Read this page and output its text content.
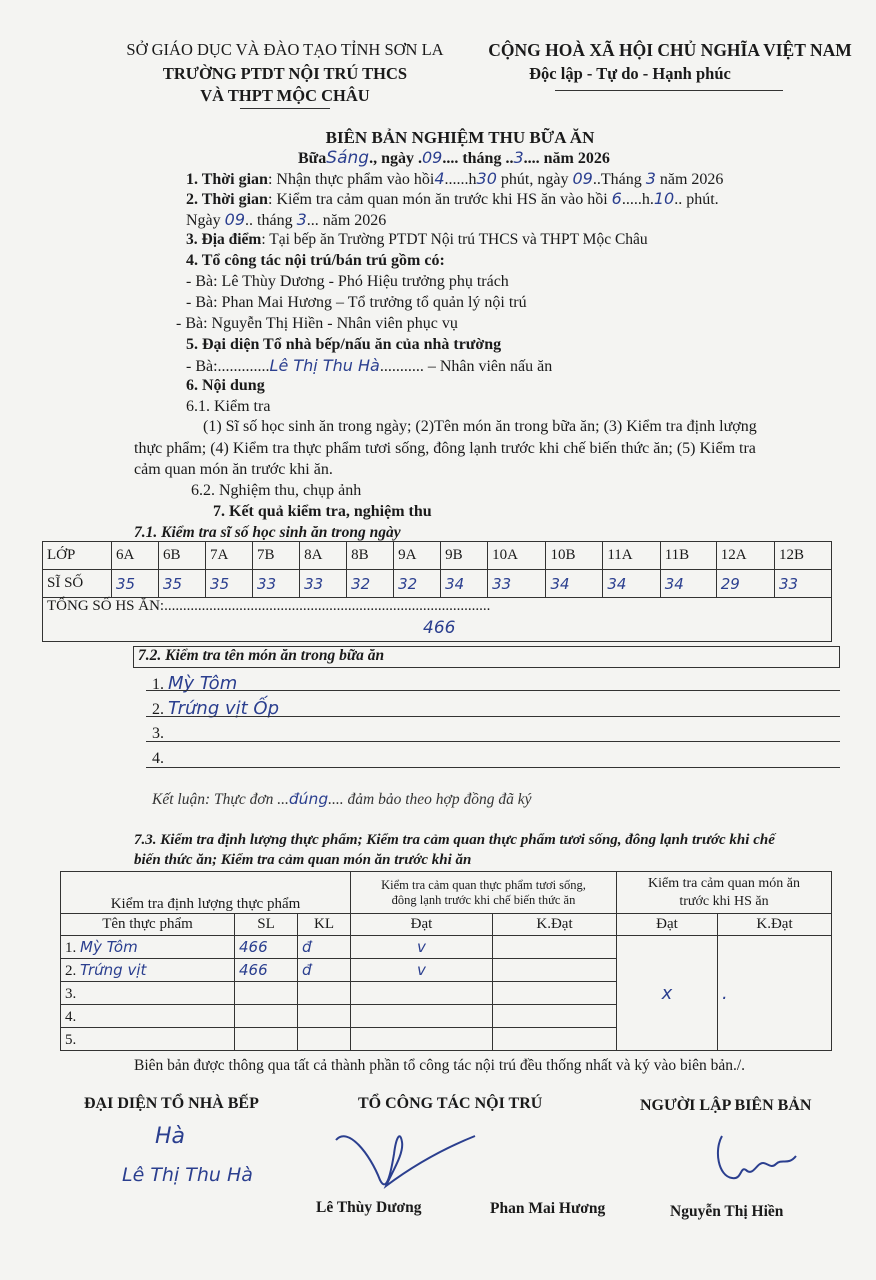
SỞ GIÁO DỤC VÀ ĐÀO TẠO TỈNH SƠN LA
TRƯỜNG PTDT NỘI TRÚ THCS
VÀ THPT MỘC CHÂU
CỘNG HOÀ XÃ HỘI CHỦ NGHĨA VIỆT NAM
Độc lập - Tự do - Hạnh phúc
BIÊN BẢN NGHIỆM THU BỮA ĂN
BữaSáng., ngày .09.... tháng ..3.... năm 2026
1. Thời gian: Nhận thực phẩm vào hồi4......h30 phút, ngày 09..Tháng 3 năm 2026
2. Thời gian: Kiểm tra cảm quan món ăn trước khi HS ăn vào hồi 6.....h.10.. phút.
Ngày 09.. tháng 3... năm 2026
3. Địa điểm: Tại bếp ăn Trường PTDT Nội trú THCS và THPT Mộc Châu
4. Tổ công tác nội trú/bán trú gồm có:
- Bà: Lê Thùy Dương - Phó Hiệu trưởng phụ trách
- Bà: Phan Mai Hương – Tổ trưởng tổ quản lý nội trú
- Bà: Nguyễn Thị Hiền - Nhân viên phục vụ
5. Đại diện Tổ nhà bếp/nấu ăn của nhà trường
- Bà:.............Lê Thị Thu Hà........... – Nhân viên nấu ăn
6. Nội dung
6.1. Kiểm tra
(1) Sĩ số học sinh ăn trong ngày; (2)Tên món ăn trong bữa ăn; (3) Kiểm tra định lượng
thực phẩm; (4) Kiểm tra thực phẩm tươi sống, đông lạnh trước khi chế biến thức ăn; (5) Kiểm tra
cảm quan món ăn trước khi ăn.
6.2. Nghiệm thu, chụp ảnh
7. Kết quả kiểm tra, nghiệm thu
7.1. Kiểm tra sĩ số học sinh ăn trong ngày
LỚP	6A	6B	7A	7B	8A	8B	9A	9B	10A	10B	11A	11B	12A	12B
SĨ SỐ	35	35	35	33	33	32	32	34	33	34	34	34	29	33
TỔNG SỐ HS ĂN:.......................................................................................
466														
7.2. Kiểm tra tên món ăn trong bữa ăn
1. Mỳ Tôm
2. Trứng vịt Ốp
3.
4.
Kết luận: Thực đơn ...đúng.... đảm bảo theo hợp đồng đã ký
7.3. Kiểm tra định lượng thực phẩm; Kiểm tra cảm quan thực phẩm tươi sống, đông lạnh trước khi chế
biến thức ăn; Kiểm tra cảm quan món ăn trước khi ăn
Kiểm tra định lượng thực phẩm			Kiểm tra cảm quan thực phẩm tươi sống,
đông lạnh trước khi chế biến thức ăn		Kiểm tra cảm quan món ăn
trước khi HS ăn	
Tên thực phẩm	SL	KL	Đạt	K.Đạt	Đạt	K.Đạt
1. Mỳ Tôm	466	đ	v		x	.
2. Trứng vịt	466	đ	v			
3.						
4.						
5.						
Biên bản được thông qua tất cả thành phần tổ công tác nội trú đều thống nhất và ký vào biên bản./.
ĐẠI DIỆN TỔ NHÀ BẾP	TỔ CÔNG TÁC NỘI TRÚ	NGƯỜI LẬP BIÊN BẢN
Hà
Lê Thị Thu Hà
Lê Thùy Dương	Phan Mai Hương	Nguyễn Thị Hiền
